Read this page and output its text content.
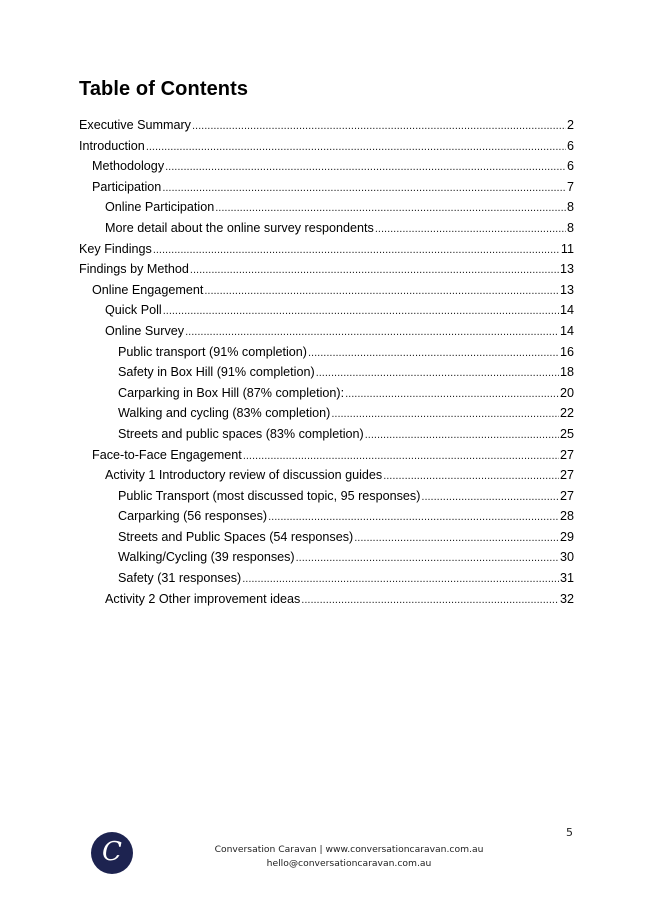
Table of Contents
Executive Summary .....	2
Introduction .....	6
Methodology .....	6
Participation .....	7
Online Participation .....	8
More detail about the online survey respondents .....	8
Key Findings .....	11
Findings by Method .....	13
Online Engagement .....	13
Quick Poll .....	14
Online Survey .....	14
Public transport (91% completion) .....	16
Safety in Box Hill (91% completion) .....	18
Carparking in Box Hill (87% completion): .....	20
Walking and cycling (83% completion) .....	22
Streets and public spaces (83% completion) .....	25
Face-to-Face Engagement .....	27
Activity 1 Introductory review of discussion guides .....	27
Public Transport (most discussed topic, 95 responses) .....	27
Carparking (56 responses) .....	28
Streets and Public Spaces (54 responses) .....	29
Walking/Cycling (39 responses) .....	30
Safety (31 responses) .....	31
Activity 2 Other improvement ideas .....	32
5
C	Conversation Caravan | www.conversationcaravan.com.au
hello@conversationcaravan.com.au
